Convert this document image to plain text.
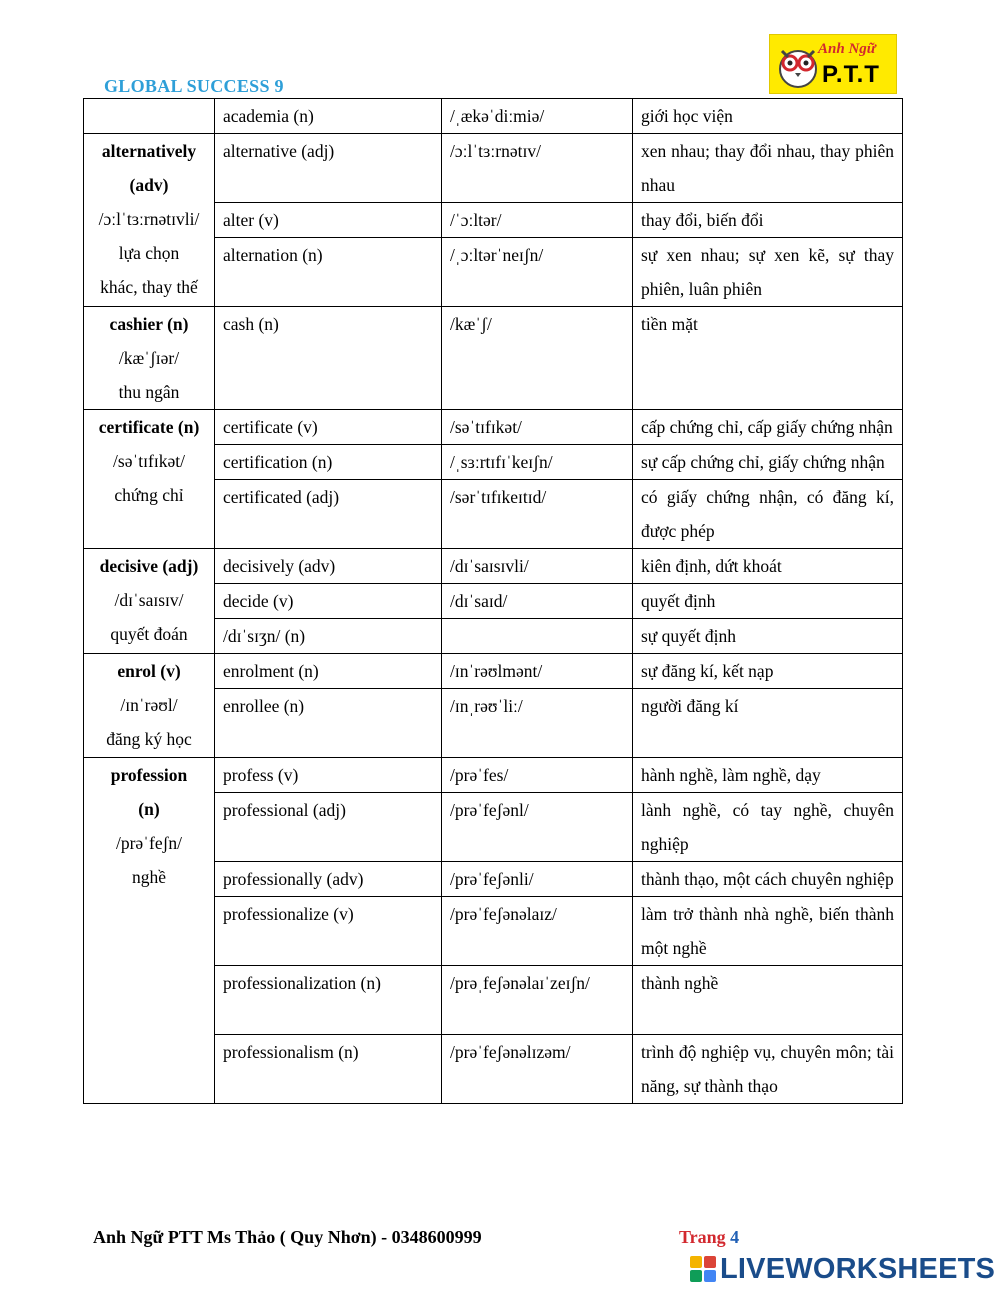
GLOBAL SUCCESS 9
Anh Ngữ
P.T.T
	academia (n)	/ˌækəˈdiːmiə/	giới học viện

alternatively
(adv)
/ɔːlˈtɜːrnətɪvli/
lựa chọn
khác, thay thế	alternative (adj)	/ɔːlˈtɜːrnətɪv/	xen nhau; thay đổi nhau, thay phiên nhau
	alter (v)	/ˈɔːltər/	thay đổi, biến đổi
	alternation (n)	/ˌɔːltərˈneɪʃn/	sự xen nhau; sự xen kẽ, sự thay phiên, luân phiên

cashier (n)
/kæˈʃɪər/
thu ngân	cash (n)	/kæˈʃ/	tiền mặt

certificate (n)
/səˈtɪfɪkət/
chứng chỉ	certificate (v)	/səˈtɪfɪkət/	cấp chứng chỉ, cấp giấy chứng nhận
	certification (n)	/ˌsɜːrtɪfɪˈkeɪʃn/	sự cấp chứng chỉ, giấy chứng nhận
	certificated (adj)	/sərˈtɪfɪkeɪtɪd/	có giấy chứng nhận, có đăng kí, được phép

decisive (adj)
/dɪˈsaɪsɪv/
quyết đoán	decisively (adv)	/dɪˈsaɪsɪvli/	kiên định, dứt khoát
	decide (v)	/dɪˈsaɪd/	quyết định
	/dɪˈsɪʒn/ (n)		sự quyết định

enrol (v)
/ɪnˈrəʊl/
đăng ký học	enrolment (n)	/ɪnˈrəʊlmənt/	sự đăng kí, kết nạp
	enrollee (n)	/ɪnˌrəʊˈliː/	người đăng kí

profession
(n)
/prəˈfeʃn/
nghề	profess (v)	/prəˈfes/	hành nghề, làm nghề, dạy
	professional (adj)	/prəˈfeʃənl/	lành nghề, có tay nghề, chuyên nghiệp
	professionally (adv)	/prəˈfeʃənli/	thành thạo, một cách chuyên nghiệp
	professionalize (v)	/prəˈfeʃənəlaɪz/	làm trở thành nhà nghề, biến thành một nghề
	professionalization (n)	/prəˌfeʃənəlaɪˈzeɪʃn/	thành nghề
	professionalism (n)	/prəˈfeʃənəlɪzəm/	trình độ nghiệp vụ, chuyên môn; tài năng, sự thành thạo
Anh Ngữ PTT Ms Thảo ( Quy Nhơn) - 0348600999	Trang 4
LIVEWORKSHEETS
